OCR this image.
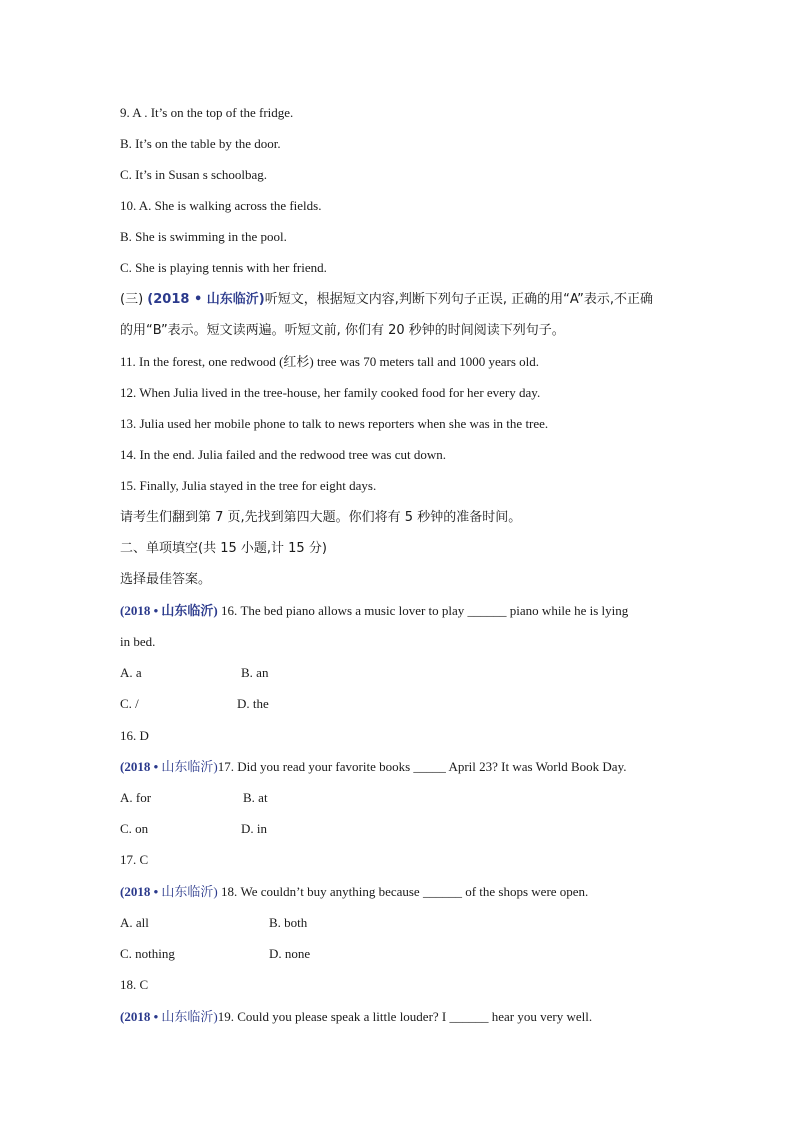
9. A . It’s on the top of the fridge.
B. It’s on the table by the door.
C. It’s in Susan s schoolbag.
10. A. She is walking across the fields.
B. She is swimming in the pool.
C. She is playing tennis with her friend.
(三) (2018 • 山东临沂)听短文，根据短文内容,判断下列句子正误, 正确的用“A”表示,不正确
的用“B”表示。短文读两遍。听短文前, 你们有 20 秒钟的时间阅读下列句子。
11. In the forest, one redwood (红杉) tree was 70 meters tall and 1000 years old.
12. When Julia lived in the tree-house, her family cooked food for her every day.
13. Julia used her mobile phone to talk to news reporters when she was in the tree.
14. In the end. Julia failed and the redwood tree was cut down.
15. Finally, Julia stayed in the tree for eight days.
请考生们翻到第 7 页,先找到第四大题。你们将有 5 秒钟的准备时间。
二、单项填空(共 15 小题,计 15 分)
选择最佳答案。
(2018 • 山东临沂) 16. The bed piano allows a music lover to play ______ piano while he is lying
in bed.
A. a	B. an
C. /	D. the
16. D
(2018 • 山东临沂)17. Did you read your favorite books _____ April 23? It was World Book Day.
A. for	B. at
C. on	D. in
17. C
(2018 • 山东临沂) 18. We couldn’t buy anything because ______ of the shops were open.
A. all	B. both
C. nothing	D. none
18. C
(2018 • 山东临沂)19. Could you please speak a little louder? I ______ hear you very well.
